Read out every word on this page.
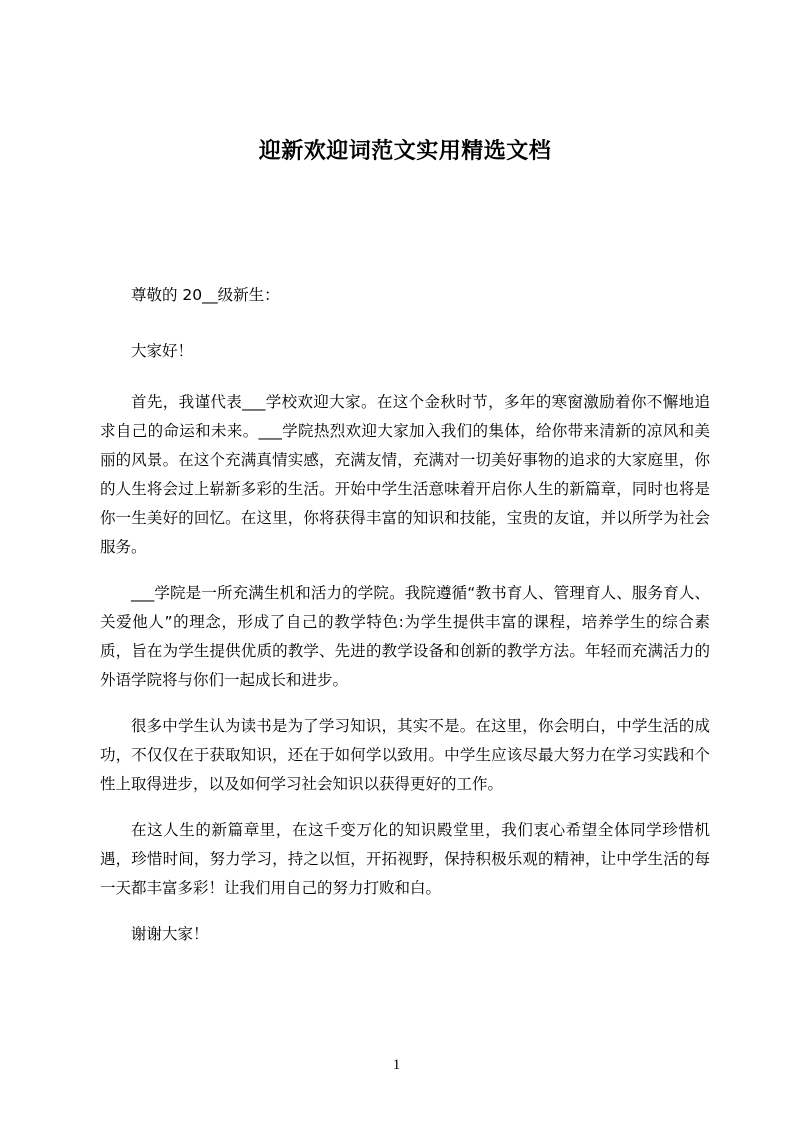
迎新欢迎词范文实用精选文档

尊敬的 20__级新生：

大家好！

首先，我谨代表___学校欢迎大家。在这个金秋时节，多年的寒窗激励着你不懈地追求自己的命运和未来。___学院热烈欢迎大家加入我们的集体，给你带来清新的凉风和美丽的风景。在这个充满真情实感，充满友情，充满对一切美好事物的追求的大家庭里，你的人生将会过上崭新多彩的生活。开始中学生活意味着开启你人生的新篇章，同时也将是你一生美好的回忆。在这里，你将获得丰富的知识和技能，宝贵的友谊，并以所学为社会服务。

___学院是一所充满生机和活力的学院。我院遵循“教书育人、管理育人、服务育人、关爱他人”的理念，形成了自己的教学特色:为学生提供丰富的课程，培养学生的综合素质，旨在为学生提供优质的教学、先进的教学设备和创新的教学方法。年轻而充满活力的外语学院将与你们一起成长和进步。

很多中学生认为读书是为了学习知识，其实不是。在这里，你会明白，中学生活的成功，不仅仅在于获取知识，还在于如何学以致用。中学生应该尽最大努力在学习实践和个性上取得进步，以及如何学习社会知识以获得更好的工作。

在这人生的新篇章里，在这千变万化的知识殿堂里，我们衷心希望全体同学珍惜机遇，珍惜时间，努力学习，持之以恒，开拓视野，保持积极乐观的精神，让中学生活的每一天都丰富多彩！让我们用自己的努力打败和白。

谢谢大家！

1
